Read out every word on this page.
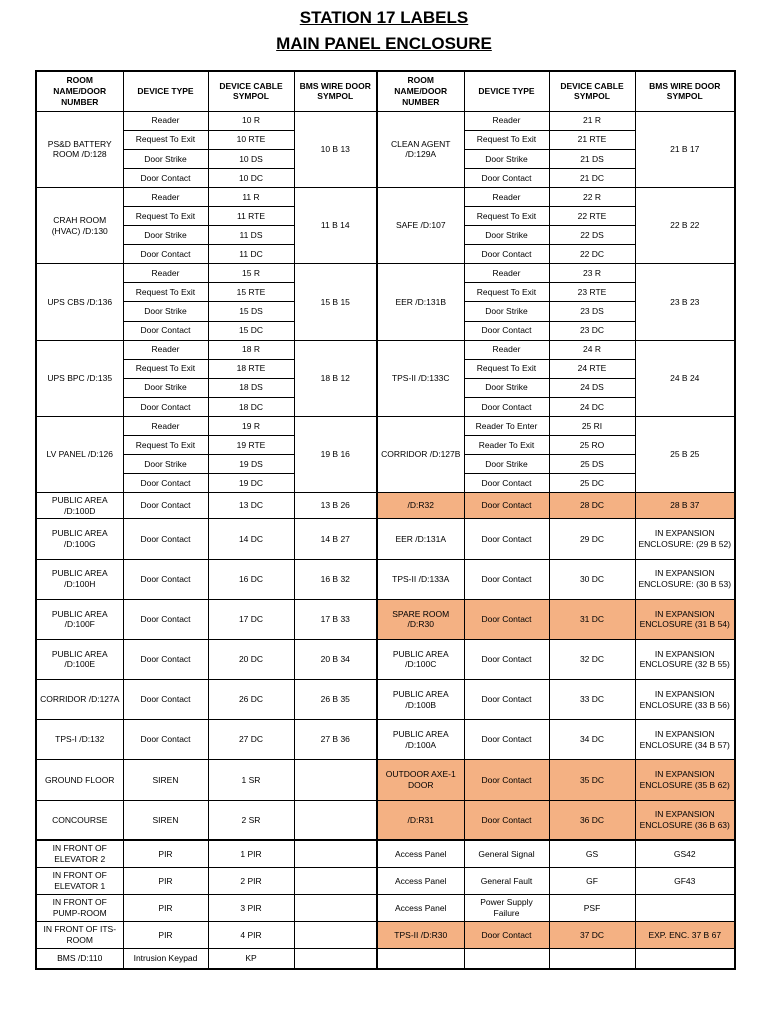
STATION 17 LABELS
MAIN PANEL ENCLOSURE
ROOM NAME/DOOR NUMBER	DEVICE TYPE	DEVICE CABLE SYMPOL	BMS WIRE DOOR SYMPOL	ROOM NAME/DOOR NUMBER	DEVICE TYPE	DEVICE CABLE SYMPOL	BMS WIRE DOOR SYMPOL
PS&D BATTERY ROOM /D:128	Reader	10 R	10 B 13	CLEAN AGENT /D:129A	Reader	21 R	21 B 17
	Request To Exit	10 RTE			Request To Exit	21 RTE	
	Door Strike	10 DS			Door Strike	21 DS	
	Door Contact	10 DC			Door Contact	21 DC	
CRAH ROOM (HVAC) /D:130	Reader	11 R	11 B 14	SAFE /D:107	Reader	22 R	22 B 22
	Request To Exit	11 RTE			Request To Exit	22 RTE	
	Door Strike	11 DS			Door Strike	22 DS	
	Door Contact	11 DC			Door Contact	22 DC	
UPS CBS /D:136	Reader	15 R	15 B 15	EER /D:131B	Reader	23 R	23 B 23
	Request To Exit	15 RTE			Request To Exit	23 RTE	
	Door Strike	15 DS			Door Strike	23 DS	
	Door Contact	15 DC			Door Contact	23 DC	
UPS BPC /D:135	Reader	18 R	18 B 12	TPS-II /D:133C	Reader	24 R	24 B 24
	Request To Exit	18 RTE			Request To Exit	24 RTE	
	Door Strike	18 DS			Door Strike	24 DS	
	Door Contact	18 DC			Door Contact	24 DC	
LV PANEL /D:126	Reader	19 R	19 B 16	CORRIDOR /D:127B	Reader To Enter	25 RI	25 B 25
	Request To Exit	19 RTE			Reader To Exit	25 RO	
	Door Strike	19 DS			Door Strike	25 DS	
	Door Contact	19 DC			Door Contact	25 DC	
PUBLIC AREA /D:100D	Door Contact	13 DC	13 B 26	/D:R32	Door Contact	28 DC	28 B 37
PUBLIC AREA /D:100G	Door Contact	14 DC	14 B 27	EER /D:131A	Door Contact	29 DC	IN EXPANSION ENCLOSURE: (29 B 52)
PUBLIC AREA /D:100H	Door Contact	16 DC	16 B 32	TPS-II /D:133A	Door Contact	30 DC	IN EXPANSION ENCLOSURE: (30 B 53)
PUBLIC AREA /D:100F	Door Contact	17 DC	17 B 33	SPARE ROOM /D:R30	Door Contact	31 DC	IN EXPANSION ENCLOSURE (31 B 54)
PUBLIC AREA /D:100E	Door Contact	20 DC	20 B 34	PUBLIC AREA /D:100C	Door Contact	32 DC	IN EXPANSION ENCLOSURE (32 B 55)
CORRIDOR /D:127A	Door Contact	26 DC	26 B 35	PUBLIC AREA /D:100B	Door Contact	33 DC	IN EXPANSION ENCLOSURE (33 B 56)
TPS-I /D:132	Door Contact	27 DC	27 B 36	PUBLIC AREA /D:100A	Door Contact	34 DC	IN EXPANSION ENCLOSURE (34 B 57)
GROUND FLOOR	SIREN	1 SR		OUTDOOR AXE-1 DOOR	Door Contact	35 DC	IN EXPANSION ENCLOSURE (35 B 62)
CONCOURSE	SIREN	2 SR		/D:R31	Door Contact	36 DC	IN EXPANSION ENCLOSURE (36 B 63)
IN FRONT OF ELEVATOR 2	PIR	1 PIR		Access Panel	General Signal	GS	GS42
IN FRONT OF ELEVATOR 1	PIR	2 PIR		Access Panel	General Fault	GF	GF43
IN FRONT OF PUMP-ROOM	PIR	3 PIR		Access Panel	Power Supply Failure	PSF	
IN FRONT OF ITS-ROOM	PIR	4 PIR		TPS-II /D:R30	Door Contact	37 DC	EXP. ENC. 37 B 67
BMS /D:110	Intrusion Keypad	KP					
